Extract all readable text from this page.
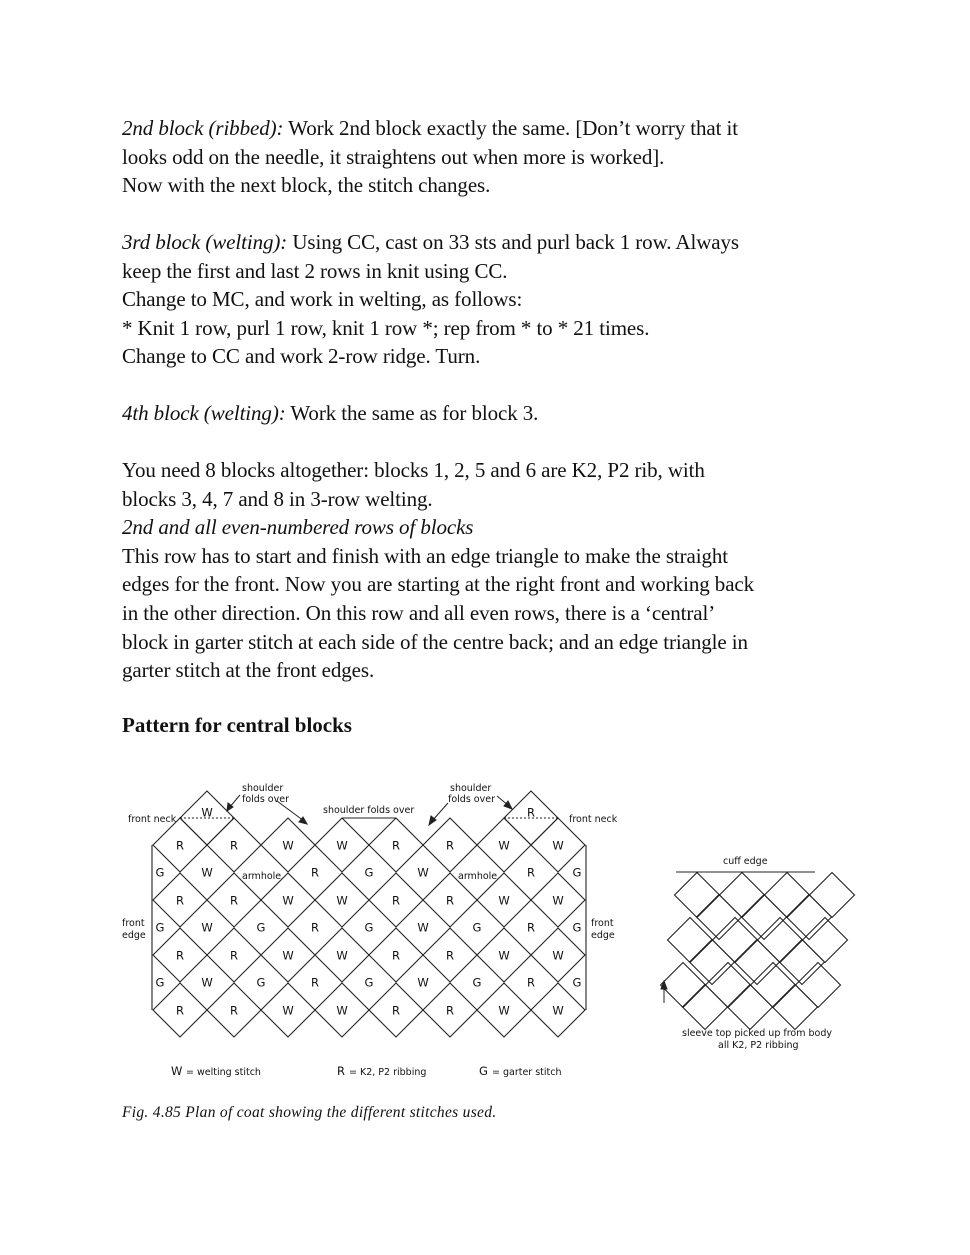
2nd block (ribbed): Work 2nd block exactly the same. [Don’t worry that it
looks odd on the needle, it straightens out when more is worked].
Now with the next block, the stitch changes.

3rd block (welting): Using CC, cast on 33 sts and purl back 1 row. Always
keep the first and last 2 rows in knit using CC.
Change to MC, and work in welting, as follows:
* Knit 1 row, purl 1 row, knit 1 row *; rep from * to * 21 times.
Change to CC and work 2-row ridge. Turn.

4th block (welting): Work the same as for block 3.

You need 8 blocks altogether: blocks 1, 2, 5 and 6 are K2, P2 rib, with
blocks 3, 4, 7 and 8 in 3-row welting.
2nd and all even-numbered rows of blocks
This row has to start and finish with an edge triangle to make the straight
edges for the front. Now you are starting at the right front and working back
in the other direction. On this row and all even rows, there is a ‘central’
block in garter stitch at each side of the centre back; and an edge triangle in
garter stitch at the front edges.

Pattern for central blocks
R	R	W	W	R	R	W	W
R	R	W	W	R	R	W	W
R	R	W	W	R	R	W	W
R	R	W	W	R	R	W	W
G	W	R	G	W	R	G
G	W	G	R	G	W	G	R	G
G	W	G	R	G	W	G	R	G
W	R
front neck	front neck
shoulder
folds over
shoulder folds over
shoulder
folds over
front
edge
front
edge
armhole	armhole
W = welting stitch	R = K2, P2 ribbing	G = garter stitch
cuff edge
sleeve top picked up from body
all K2, P2 ribbing
Fig. 4.85 Plan of coat showing the different stitches used.
